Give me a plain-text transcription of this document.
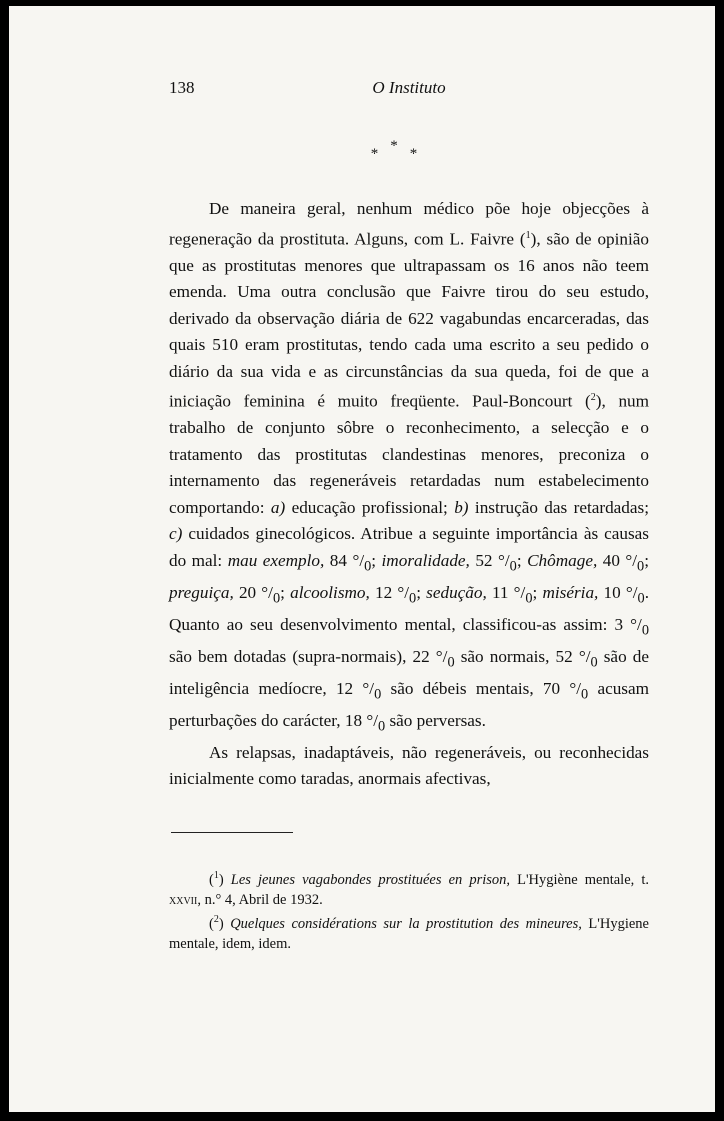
138	O Instituto
* * *

De maneira geral, nenhum médico põe hoje objecções à regeneração da prostituta. Alguns, com L. Faivre ($^1$), são de opinião que as prostitutas menores que ultrapassam os 16 anos não teem emenda. Uma outra conclusão que Faivre tirou do seu estudo, derivado da observação diária de 622 vagabundas encarceradas, das quais 510 eram prostitutas, tendo cada uma escrito a seu pedido o diário da sua vida e as circunstâncias da sua queda, foi de que a iniciação feminina é muito freqüente. Paul-Boncourt ($^2$), num trabalho de conjunto sôbre o reconhecimento, a selecção e o tratamento das prostitutas clandestinas menores, preconiza o internamento das regeneráveis retardadas num estabelecimento comportando: a) educação profissional; b) instrução das retardadas; c) cuidados ginecológicos. Atribue a seguinte importância às causas do mal: mau exemplo, 84 $^\circ/_0$; imoralidade, 52 $^\circ/_0$; Chômage, 40 $^\circ/_0$; preguiça, 20 $^\circ/_0$; alcoolismo, 12 $^\circ/_0$; sedução, 11 $^\circ/_0$; miséria, 10 $^\circ/_0$. Quanto ao seu desenvolvimento mental, classificou-as assim: 3 $^\circ/_0$ são bem dotadas (supra-normais), 22 $^\circ/_0$ são normais, 52 $^\circ/_0$ são de inteligência medíocre, 12 $^\circ/_0$ são débeis mentais, 70 $^\circ/_0$ acusam perturbações do carácter, 18 $^\circ/_0$ são perversas.

As relapsas, inadaptáveis, não regeneráveis, ou reconhecidas inicialmente como taradas, anormais afectivas,

($^1$) Les jeunes vagabondes prostituées en prison, L'Hygiène mentale, t. xxvii, n.° 4, Abril de 1932.

($^2$) Quelques considérations sur la prostitution des mineures, L'Hygiene mentale, idem, idem.
